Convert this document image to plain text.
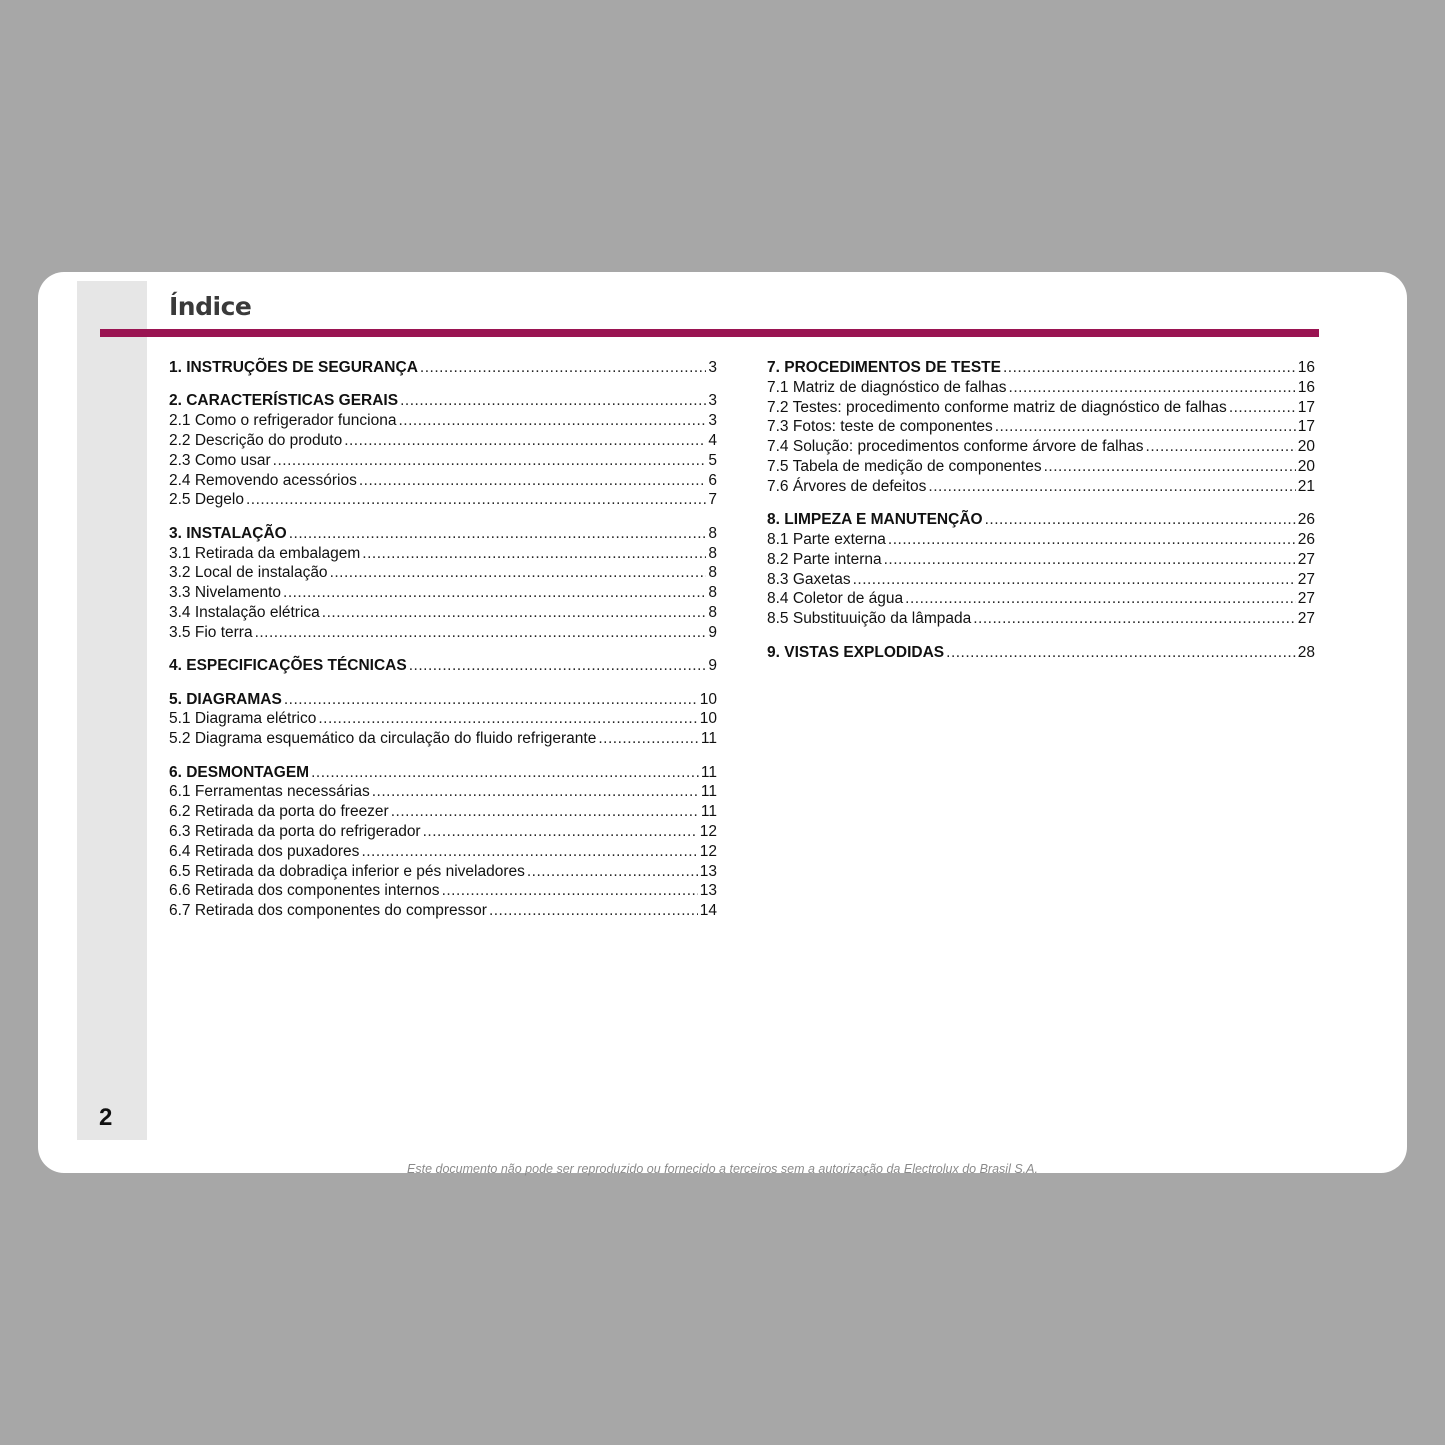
2
Índice
1. INSTRUÇÕES DE SEGURANÇA .....	3
2. CARACTERÍSTICAS GERAIS .....	3
2.1 Como o refrigerador funciona .....	3
2.2 Descrição do produto .....	4
2.3 Como usar .....	5
2.4 Removendo acessórios .....	6
2.5 Degelo .....	7
3. INSTALAÇÃO .....	8
3.1 Retirada da embalagem .....	8
3.2 Local de instalação .....	8
3.3 Nivelamento .....	8
3.4 Instalação elétrica .....	8
3.5 Fio terra .....	9
4. ESPECIFICAÇÕES TÉCNICAS .....	9
5. DIAGRAMAS .....	10
5.1 Diagrama elétrico .....	10
5.2 Diagrama esquemático da circulação do fluido refrigerante .....	11
6. DESMONTAGEM .....	11
6.1 Ferramentas necessárias .....	11
6.2 Retirada da porta do freezer .....	11
6.3 Retirada da porta do refrigerador .....	12
6.4 Retirada dos puxadores .....	12
6.5 Retirada da dobradiça inferior e pés niveladores .....	13
6.6 Retirada dos componentes internos .....	13
6.7 Retirada dos componentes do compressor .....	14
7. PROCEDIMENTOS DE TESTE .....	16
7.1 Matriz de diagnóstico de falhas .....	16
7.2 Testes: procedimento conforme matriz de diagnóstico de falhas .....	17
7.3 Fotos: teste de componentes .....	17
7.4 Solução: procedimentos conforme árvore de falhas .....	20
7.5 Tabela de medição de componentes .....	20
7.6 Árvores de defeitos .....	21
8. LIMPEZA E MANUTENÇÃO .....	26
8.1 Parte externa .....	26
8.2 Parte interna .....	27
8.3 Gaxetas .....	27
8.4 Coletor de água .....	27
8.5 Substituuição da lâmpada .....	27
9. VISTAS EXPLODIDAS .....	28
Este documento não pode ser reproduzido ou fornecido a terceiros sem a autorização da Electrolux do Brasil S.A.
